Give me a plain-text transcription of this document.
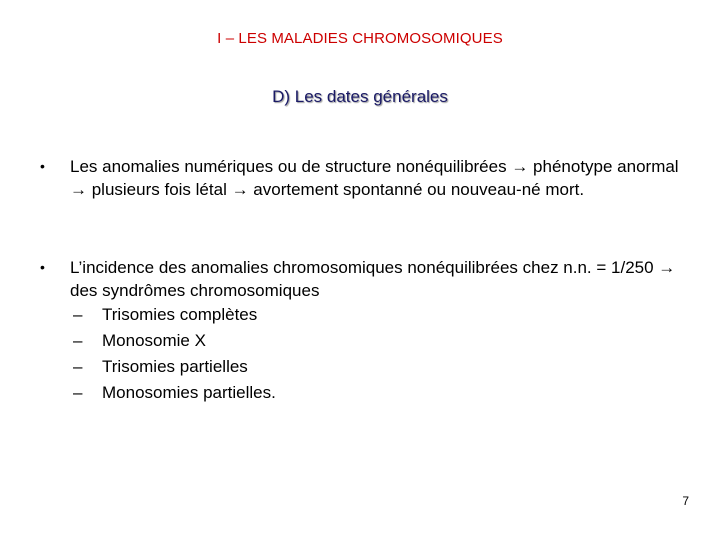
I – LES MALADIES CHROMOSOMIQUES
D) Les dates générales
• Les anomalies numériques ou de structure nonéquilibrées → phénotype anormal → plusieurs fois létal → avortement spontanné ou nouveau-né mort.
• L’incidence des anomalies chromosomiques nonéquilibrées chez n.n. = 1/250 → des syndrômes chromosomiques
– Trisomies complètes
– Monosomie X
– Trisomies partielles
– Monosomies partielles.
7
